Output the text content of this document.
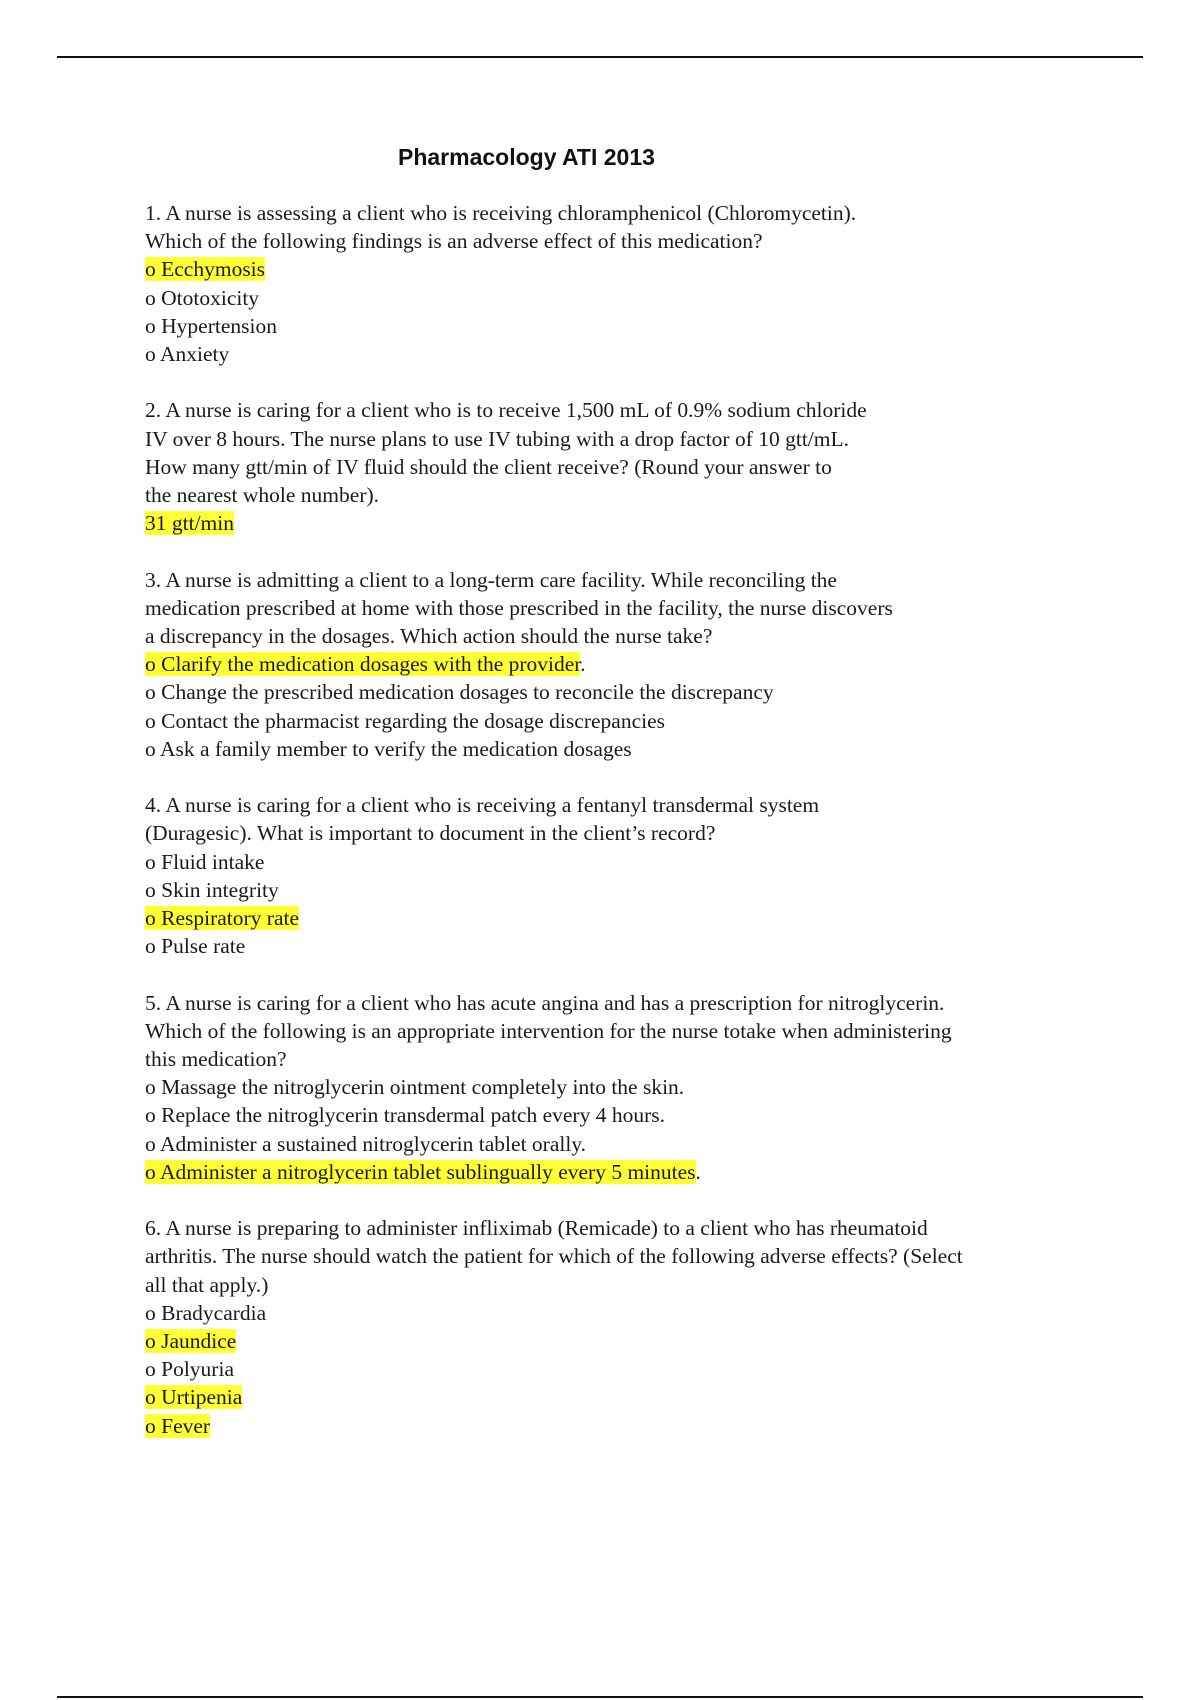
Pharmacology ATI 2013
1. A nurse is assessing a client who is receiving chloramphenicol (Chloromycetin).
Which of the following findings is an adverse effect of this medication?
o Ecchymosis
o Ototoxicity
o Hypertension
o Anxiety
2. A nurse is caring for a client who is to receive 1,500 mL of 0.9% sodium chloride
IV over 8 hours. The nurse plans to use IV tubing with a drop factor of 10 gtt/mL.
How many gtt/min of IV fluid should the client receive? (Round your answer to
the nearest whole number).
31 gtt/min
3. A nurse is admitting a client to a long-term care facility. While reconciling the
medication prescribed at home with those prescribed in the facility, the nurse discovers
a discrepancy in the dosages. Which action should the nurse take?
o Clarify the medication dosages with the provider.
o Change the prescribed medication dosages to reconcile the discrepancy
o Contact the pharmacist regarding the dosage discrepancies
o Ask a family member to verify the medication dosages
4. A nurse is caring for a client who is receiving a fentanyl transdermal system
(Duragesic). What is important to document in the client’s record?
o Fluid intake
o Skin integrity
o Respiratory rate
o Pulse rate
5. A nurse is caring for a client who has acute angina and has a prescription for nitroglycerin.
Which of the following is an appropriate intervention for the nurse totake when administering
this medication?
o Massage the nitroglycerin ointment completely into the skin.
o Replace the nitroglycerin transdermal patch every 4 hours.
o Administer a sustained nitroglycerin tablet orally.
o Administer a nitroglycerin tablet sublingually every 5 minutes.
6. A nurse is preparing to administer infliximab (Remicade) to a client who has rheumatoid
arthritis. The nurse should watch the patient for which of the following adverse effects? (Select
all that apply.)
o Bradycardia
o Jaundice
o Polyuria
o Urtipenia
o Fever
